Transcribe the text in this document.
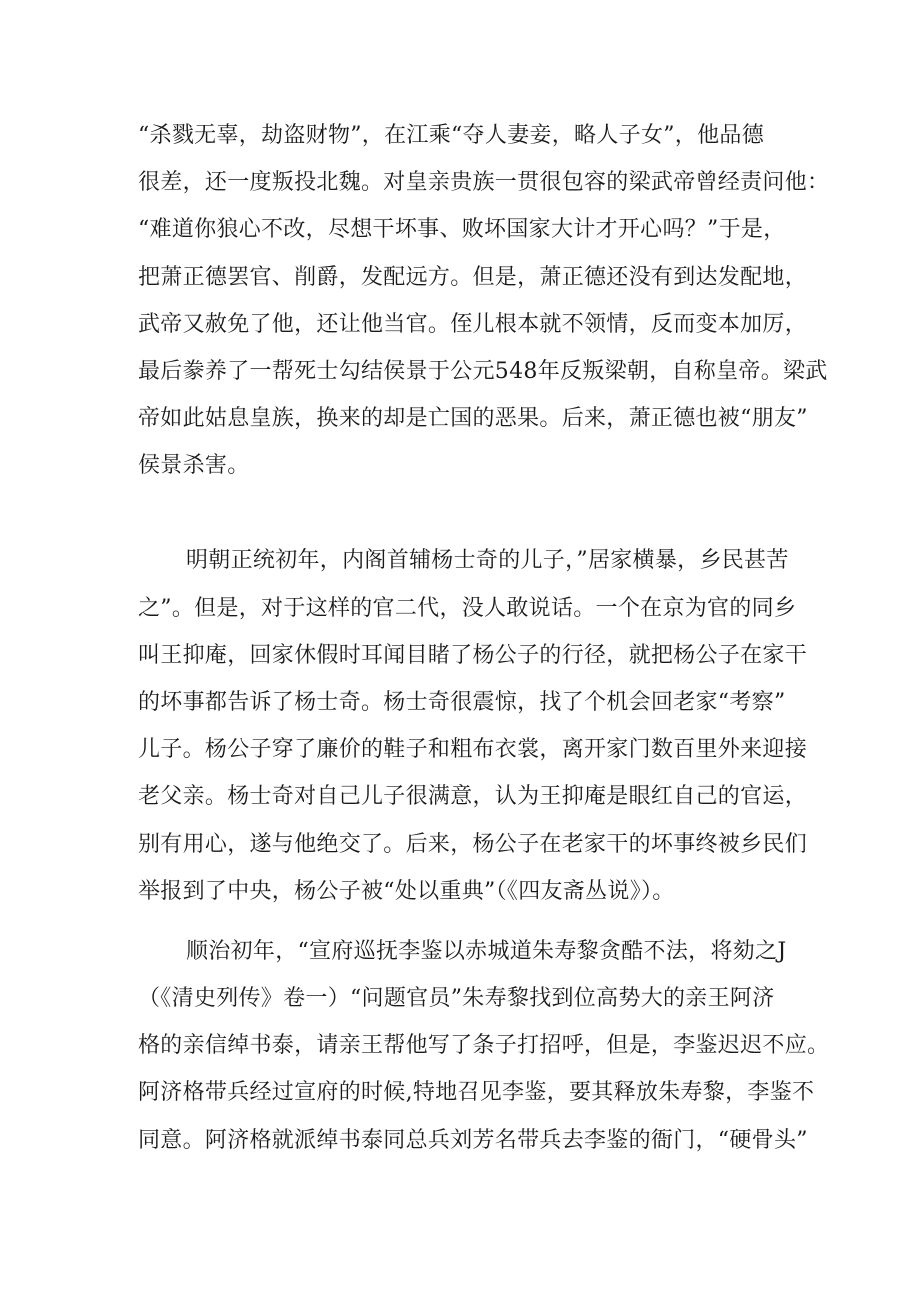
“杀戮无辜，劫盗财物”，在江乘“夺人妻妾，略人子女”，他品德
很差，还一度叛投北魏。对皇亲贵族一贯很包容的梁武帝曾经责问他：
“难道你狼心不改，尽想干坏事、败坏国家大计才开心吗？”于是，
把萧正德罢官、削爵，发配远方。但是，萧正德还没有到达发配地，
武帝又赦免了他，还让他当官。侄儿根本就不领情，反而变本加厉，
最后豢养了一帮死士勾结侯景于公元548年反叛梁朝，自称皇帝。梁武
帝如此姑息皇族，换来的却是亡国的恶果。后来，萧正德也被“朋友”
侯景杀害。
明朝正统初年，内阁首辅杨士奇的儿子，”居家横暴，乡民甚苦
之”。但是，对于这样的官二代，没人敢说话。一个在京为官的同乡
叫王抑庵，回家休假时耳闻目睹了杨公子的行径，就把杨公子在家干
的坏事都告诉了杨士奇。杨士奇很震惊，找了个机会回老家“考察”
儿子。杨公子穿了廉价的鞋子和粗布衣裳，离开家门数百里外来迎接
老父亲。杨士奇对自己儿子很满意，认为王抑庵是眼红自己的官运，
别有用心，遂与他绝交了。后来，杨公子在老家干的坏事终被乡民们
举报到了中央，杨公子被“处以重典”（《四友斋丛说》）。
顺治初年，“宣府巡抚李鉴以赤城道朱寿黎贪酷不法，将劾之J
（《清史列传》卷一）“问题官员”朱寿黎找到位高势大的亲王阿济
格的亲信绰书泰，请亲王帮他写了条子打招呼，但是，李鉴迟迟不应。
阿济格带兵经过宣府的时候,特地召见李鉴，要其释放朱寿黎，李鉴不
同意。阿济格就派绰书泰同总兵刘芳名带兵去李鉴的衙门，“硬骨头”
